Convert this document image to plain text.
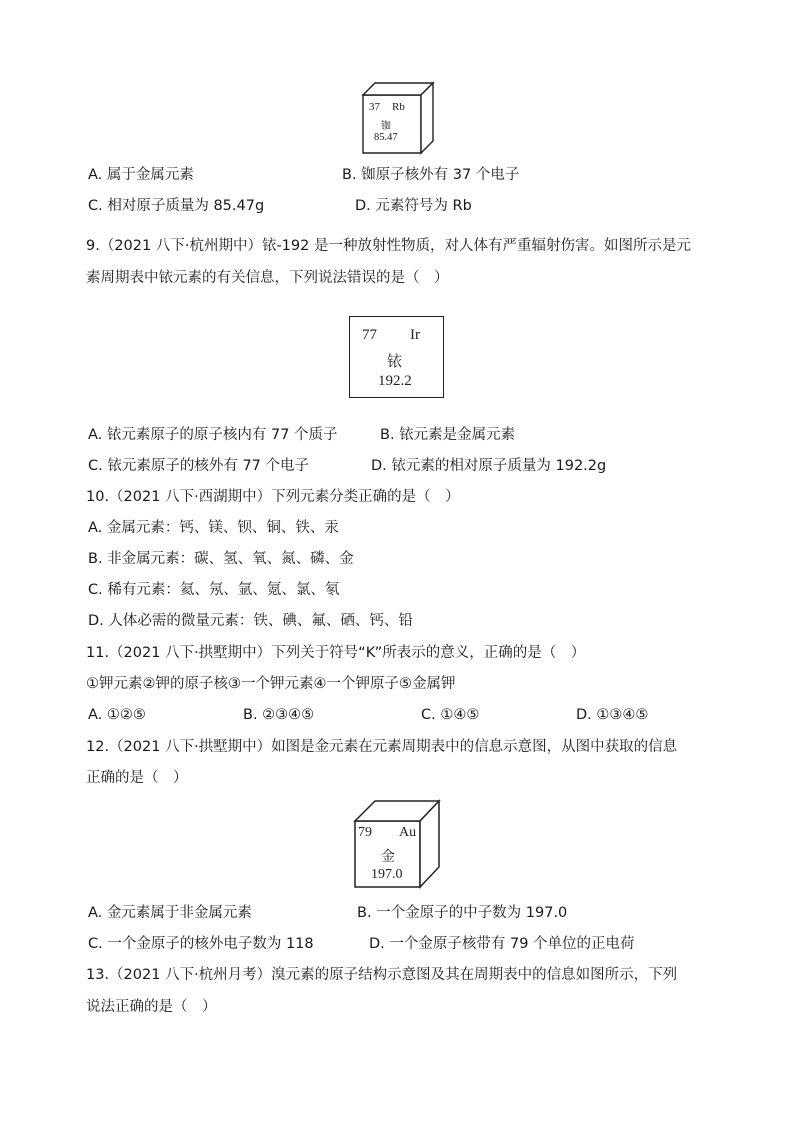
37 Rb
铷
85.47
A. 属于金属元素	B. 铷原子核外有 37 个电子
C. 相对原子质量为 85.47g	D. 元素符号为 Rb
9.（2021 八下·杭州期中）铱-192 是一种放射性物质，对人体有严重辐射伤害。如图所示是元
素周期表中铱元素的有关信息，下列说法错误的是（　）
77 Ir
铱
192.2
A. 铱元素原子的原子核内有 77 个质子	B. 铱元素是金属元素
C. 铱元素原子的核外有 77 个电子	D. 铱元素的相对原子质量为 192.2g
10.（2021 八下·西湖期中）下列元素分类正确的是（　）
A. 金属元素：钙、镁、钡、铜、铁、汞
B. 非金属元素：碳、氢、氧、氮、磷、金
C. 稀有元素：氦、氖、氩、氪、氯、氡
D. 人体必需的微量元素：铁、碘、氟、硒、钙、铅
11.（2021 八下·拱墅期中）下列关于符号“K”所表示的意义，正确的是（　）
①钾元素②钾的原子核③一个钾元素④一个钾原子⑤金属钾
A. ①②⑤	B. ②③④⑤	C. ①④⑤	D. ①③④⑤
12.（2021 八下·拱墅期中）如图是金元素在元素周期表中的信息示意图，从图中获取的信息
正确的是（　）
79 Au
金
197.0
A. 金元素属于非金属元素	B. 一个金原子的中子数为 197.0
C. 一个金原子的核外电子数为 118	D. 一个金原子核带有 79 个单位的正电荷
13.（2021 八下·杭州月考）溴元素的原子结构示意图及其在周期表中的信息如图所示，下列
说法正确的是（　）
